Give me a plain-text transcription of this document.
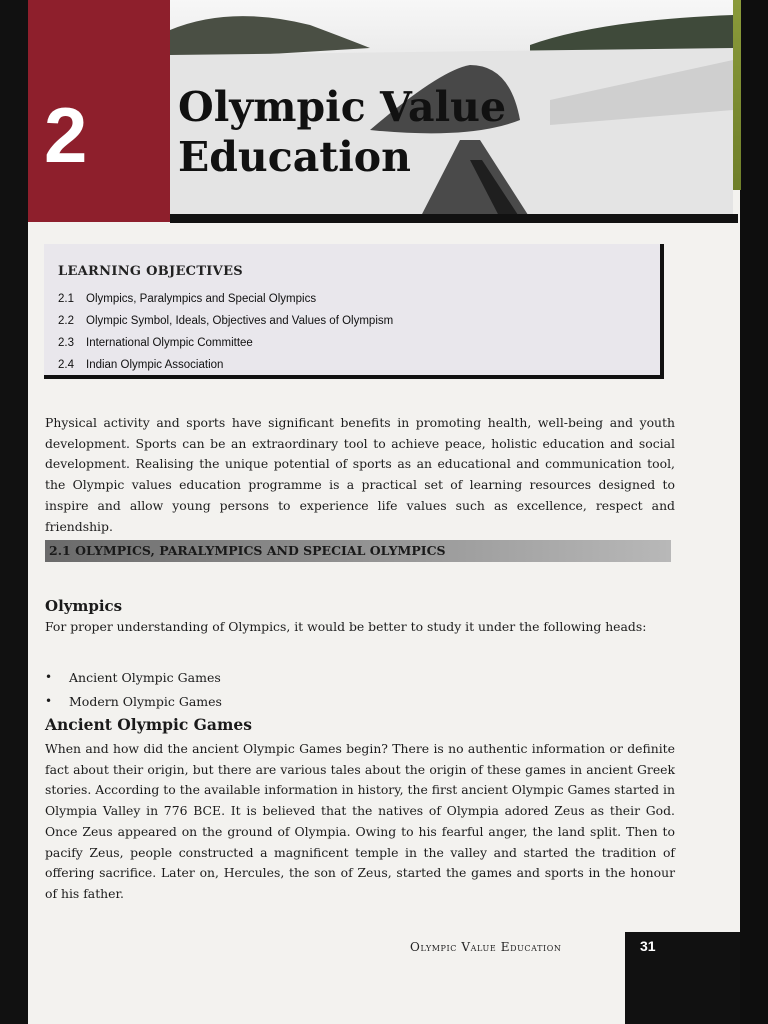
2	Olympic Value
Education
LEARNING OBJECTIVES
2.1	Olympics, Paralympics and Special Olympics
2.2	Olympic Symbol, Ideals, Objectives and Values of Olympism
2.3	International Olympic Committee
2.4	Indian Olympic Association

Physical activity and sports have significant benefits in promoting health, well-being and youth development. Sports can be an extraordinary tool to achieve peace, holistic education and social development. Realising the unique potential of sports as an educational and communication tool, the Olympic values education programme is a practical set of learning resources designed to inspire and allow young persons to experience life values such as excellence, respect and friendship.

2.1 OLYMPICS, PARALYMPICS AND SPECIAL OLYMPICS
Olympics

For proper understanding of Olympics, it would be better to study it under the following heads:

•	Ancient Olympic Games
•	Modern Olympic Games
Ancient Olympic Games

When and how did the ancient Olympic Games begin? There is no authentic information or definite fact about their origin, but there are various tales about the origin of these games in ancient Greek stories. According to the available information in history, the first ancient Olympic Games started in Olympia Valley in 776 BCE. It is believed that the natives of Olympia adored Zeus as their God. Once Zeus appeared on the ground of Olympia. Owing to his fearful anger, the land split. Then to pacify Zeus, people constructed a magnificent temple in the valley and started the tradition of offering sacrifice. Later on, Hercules, the son of Zeus, started the games and sports in the honour of his father.

Olympic Value Education	31
